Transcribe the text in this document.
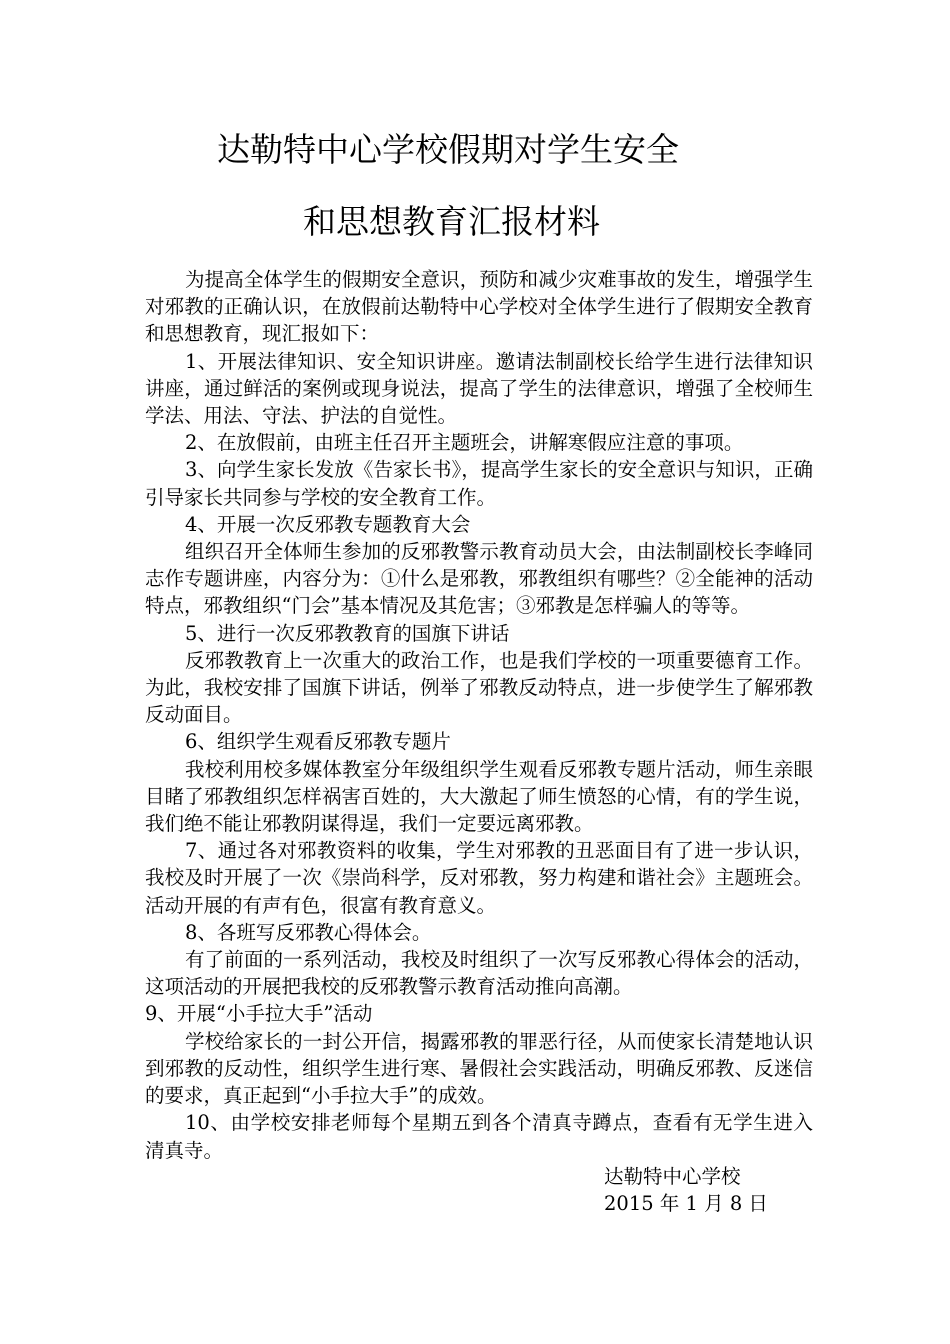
达勒特中心学校假期对学生安全
和思想教育汇报材料

为提高全体学生的假期安全意识，预防和减少灾难事故的发生，增强学生对邪教的正确认识，在放假前达勒特中心学校对全体学生进行了假期安全教育和思想教育，现汇报如下：

1、开展法律知识、安全知识讲座。邀请法制副校长给学生进行法律知识讲座，通过鲜活的案例或现身说法，提高了学生的法律意识，增强了全校师生学法、用法、守法、护法的自觉性。

2、在放假前，由班主任召开主题班会，讲解寒假应注意的事项。

3、向学生家长发放《告家长书》，提高学生家长的安全意识与知识，正确引导家长共同参与学校的安全教育工作。

4、开展一次反邪教专题教育大会

组织召开全体师生参加的反邪教警示教育动员大会，由法制副校长李峰同志作专题讲座，内容分为：①什么是邪教，邪教组织有哪些？②全能神的活动特点，邪教组织“门会”基本情况及其危害；③邪教是怎样骗人的等等。

5、进行一次反邪教教育的国旗下讲话

反邪教教育上一次重大的政治工作，也是我们学校的一项重要德育工作。为此，我校安排了国旗下讲话，例举了邪教反动特点，进一步使学生了解邪教反动面目。

6、组织学生观看反邪教专题片

我校利用校多媒体教室分年级组织学生观看反邪教专题片活动，师生亲眼目睹了邪教组织怎样祸害百姓的，大大激起了师生愤怒的心情，有的学生说，我们绝不能让邪教阴谋得逞，我们一定要远离邪教。

7、通过各对邪教资料的收集，学生对邪教的丑恶面目有了进一步认识，我校及时开展了一次《崇尚科学，反对邪教，努力构建和谐社会》主题班会。活动开展的有声有色，很富有教育意义。

8、各班写反邪教心得体会。

有了前面的一系列活动，我校及时组织了一次写反邪教心得体会的活动，这项活动的开展把我校的反邪教警示教育活动推向高潮。

9、开展“小手拉大手”活动

学校给家长的一封公开信，揭露邪教的罪恶行径，从而使家长清楚地认识到邪教的反动性，组织学生进行寒、暑假社会实践活动，明确反邪教、反迷信的要求，真正起到“小手拉大手”的成效。

10、由学校安排老师每个星期五到各个清真寺蹲点，查看有无学生进入清真寺。

达勒特中心学校
2015 年 1 月 8 日
